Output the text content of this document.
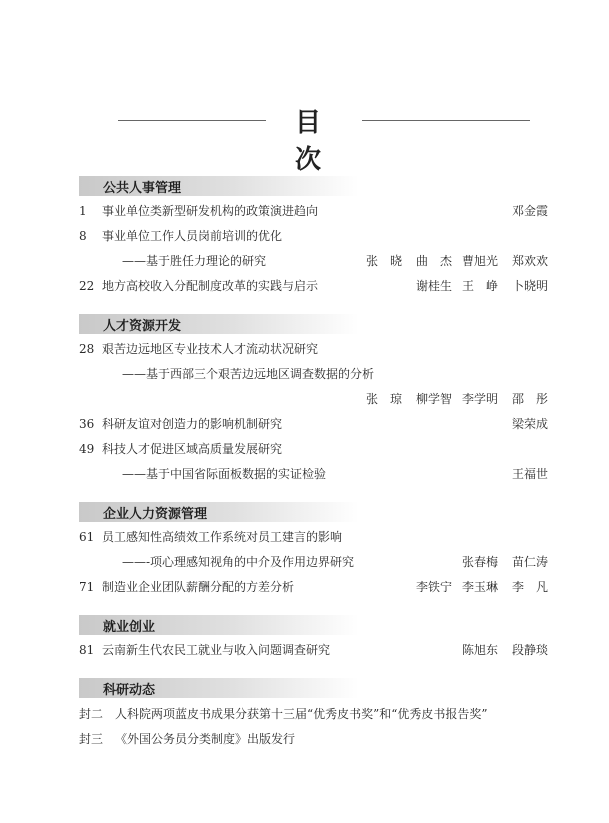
目 次
公共人事管理
1 事业单位类新型研发机构的政策演进趋向	邓金霞
8 事业单位工作人员岗前培训的优化
——基于胜任力理论的研究	张　晓 曲　杰 曹旭光 郑欢欢
22 地方高校收入分配制度改革的实践与启示	谢桂生 王　峥 卜晓明
人才资源开发
28 艰苦边远地区专业技术人才流动状况研究
——基于西部三个艰苦边远地区调查数据的分析
张　琼 柳学智 李学明 邵　彤
36 科研友谊对创造力的影响机制研究	梁荣成
49 科技人才促进区域高质量发展研究
——基于中国省际面板数据的实证检验	王福世
企业人力资源管理
61 员工感知性高绩效工作系统对员工建言的影响
——-项心理感知视角的中介及作用边界研究	张春梅 苗仁涛
71 制造业企业团队薪酬分配的方差分析	李铁宁 李玉琳 李　凡
就业创业
81 云南新生代农民工就业与收入问题调查研究	陈旭东 段静琰
科研动态
封二 人科院两项蓝皮书成果分获第十三届“优秀皮书奖”和“优秀皮书报告奖”
封三 《外国公务员分类制度》出版发行
